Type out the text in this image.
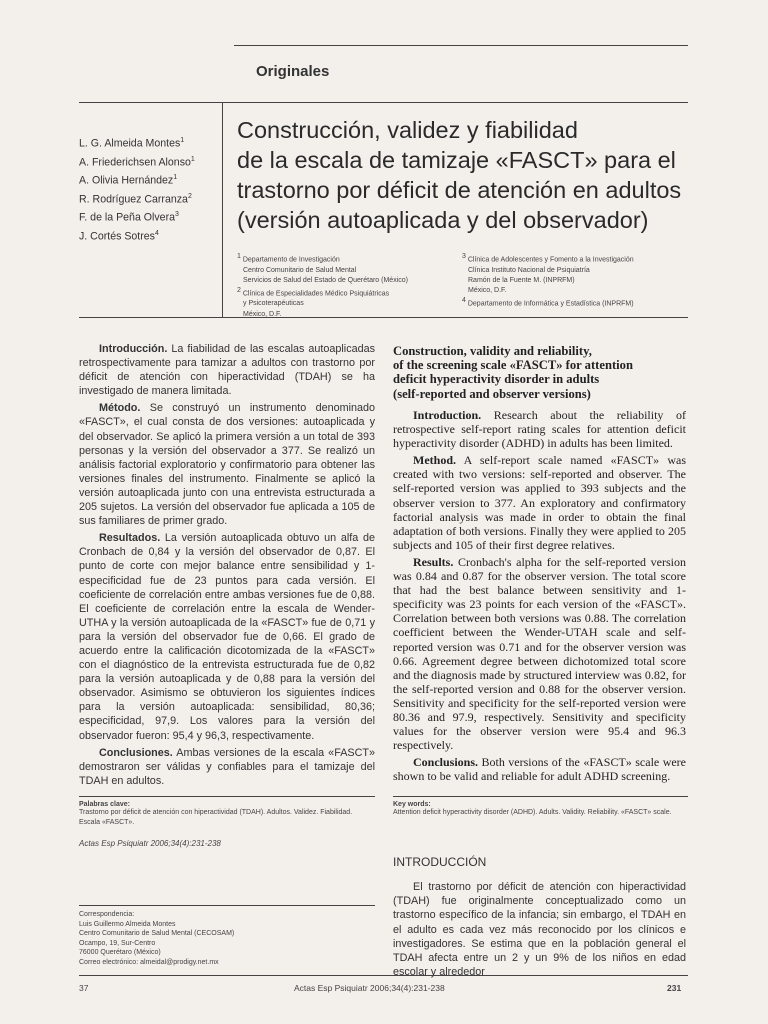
Originales
L. G. Almeida Montes$^1$
A. Friederichsen Alonso$^1$
A. Olivia Hernández$^1$
R. Rodríguez Carranza$^2$
F. de la Peña Olvera$^3$
J. Cortés Sotres$^4$
Construcción, validez y fiabilidad
de la escala de tamizaje «FASCT» para el
trastorno por déficit de atención en adultos
(versión autoaplicada y del observador)
$^1$ Departamento de Investigación
Centro Comunitario de Salud Mental
Servicios de Salud del Estado de Querétaro (México)
$^2$ Clínica de Especialidades Médico Psiquiátricas
y Psicoterapéuticas
México, D.F.
$^3$ Clínica de Adolescentes y Fomento a la Investigación
Clínica Instituto Nacional de Psiquiatría
Ramón de la Fuente M. (INPRFM)
México, D.F.
$^4$ Departamento de Informática y Estadística (INPRFM)

Introducción. La fiabilidad de las escalas autoaplicadas retrospectivamente para tamizar a adultos con trastorno por déficit de atención con hiperactividad (TDAH) se ha investigado de manera limitada.

Método. Se construyó un instrumento denominado «FASCT», el cual consta de dos versiones: autoaplicada y del observador. Se aplicó la primera versión a un total de 393 personas y la versión del observador a 377. Se realizó un análisis factorial exploratorio y confirmatorio para obtener las versiones finales del instrumento. Finalmente se aplicó la versión autoaplicada junto con una entrevista estructurada a 205 sujetos. La versión del observador fue aplicada a 105 de sus familiares de primer grado.

Resultados. La versión autoaplicada obtuvo un alfa de Cronbach de 0,84 y la versión del observador de 0,87. El punto de corte con mejor balance entre sensibilidad y 1-especificidad fue de 23 puntos para cada versión. El coeficiente de correlación entre ambas versiones fue de 0,88. El coeficiente de correlación entre la escala de Wender-UTHA y la versión autoaplicada de la «FASCT» fue de 0,71 y para la versión del observador fue de 0,66. El grado de acuerdo entre la calificación dicotomizada de la «FASCT» con el diagnóstico de la entrevista estructurada fue de 0,82 para la versión autoaplicada y de 0,88 para la versión del observador. Asimismo se obtuvieron los siguientes índices para la versión autoaplicada: sensibilidad, 80,36; especificidad, 97,9. Los valores para la versión del observador fueron: 95,4 y 96,3, respectivamente.

Conclusiones. Ambas versiones de la escala «FASCT» demostraron ser válidas y confiables para el tamizaje del TDAH en adultos.

Palabras clave:
Trastorno por déficit de atención con hiperactividad (TDAH). Adultos. Validez. Fiabilidad. Escala «FASCT».
Actas Esp Psiquiatr 2006;34(4):231-238
Construction, validity and reliability,
of the screening scale «FASCT» for attention
deficit hyperactivity disorder in adults
(self-reported and observer versions)

Introduction. Research about the reliability of retrospective self-report rating scales for attention deficit hyperactivity disorder (ADHD) in adults has been limited.

Method. A self-report scale named «FASCT» was created with two versions: self-reported and observer. The self-reported version was applied to 393 subjects and the observer version to 377. An exploratory and confirmatory factorial analysis was made in order to obtain the final adaptation of both versions. Finally they were applied to 205 subjects and 105 of their first degree relatives.

Results. Cronbach's alpha for the self-reported version was 0.84 and 0.87 for the observer version. The total score that had the best balance between sensitivity and 1-specificity was 23 points for each version of the «FASCT». Correlation between both versions was 0.88. The correlation coefficient between the Wender-UTAH scale and self-reported version was 0.71 and for the observer version was 0.66. Agreement degree between dichotomized total score and the diagnosis made by structured interview was 0.82, for the self-reported version and 0.88 for the observer version. Sensitivity and specificity for the self-reported version were 80.36 and 97.9, respectively. Sensitivity and specificity values for the observer version were 95.4 and 96.3 respectively.

Conclusions. Both versions of the «FASCT» scale were shown to be valid and reliable for adult ADHD screening.

Key words:
Attention deficit hyperactivity disorder (ADHD). Adults. Validity. Reliability. «FASCT» scale.
INTRODUCCIÓN

El trastorno por déficit de atención con hiperactividad (TDAH) fue originalmente conceptualizado como un trastorno específico de la infancia; sin embargo, el TDAH en el adulto es cada vez más reconocido por los clínicos e investigadores. Se estima que en la población general el TDAH afecta entre un 2 y un 9% de los niños en edad escolar y alrededor

Correspondencia:
Luis Guillermo Almeida Montes
Centro Comunitario de Salud Mental (CECOSAM)
Ocampo, 19, Sur-Centro
76000 Querétaro (México)
Correo electrónico: almeidal@prodigy.net.mx
37	Actas Esp Psiquiatr 2006;34(4):231-238	231
